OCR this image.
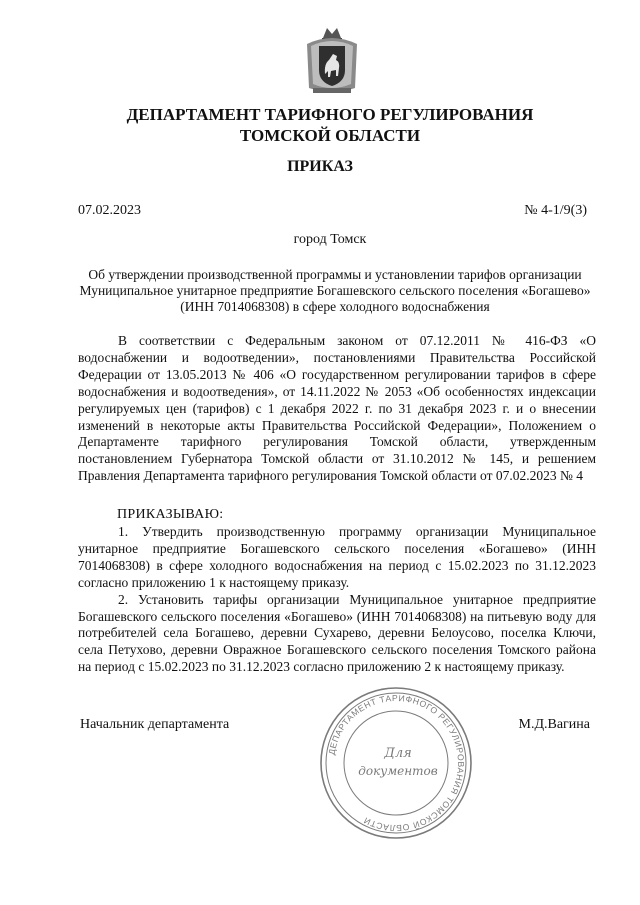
ДЕПАРТАМЕНТ ТАРИФНОГО РЕГУЛИРОВАНИЯ
ТОМСКОЙ ОБЛАСТИ
ПРИКАЗ
07.02.2023	№ 4-1/9(3)
город Томск
Об утверждении производственной программы и установлении тарифов организации Муниципальное унитарное предприятие Богашевского сельского поселения «Богашево» (ИНН 7014068308) в сфере холодного водоснабжения

В соответствии с Федеральным законом от 07.12.2011 № 416-ФЗ «О водоснабжении и водоотведении», постановлениями Правительства Российской Федерации от 13.05.2013 № 406 «О государственном регулировании тарифов в сфере водоснабжения и водоотведения», от 14.11.2022 № 2053 «Об особенностях индексации регулируемых цен (тарифов) с 1 декабря 2022 г. по 31 декабря 2023 г. и о внесении изменений в некоторые акты Правительства Российской Федерации», Положением о Департаменте тарифного регулирования Томской области, утвержденным постановлением Губернатора Томской области от 31.10.2012 № 145, и решением Правления Департамента тарифного регулирования Томской области от 07.02.2023 № 4

ПРИКАЗЫВАЮ:

1. Утвердить производственную программу организации Муниципальное унитарное предприятие Богашевского сельского поселения «Богашево» (ИНН 7014068308) в сфере холодного водоснабжения на период с 15.02.2023 по 31.12.2023 согласно приложению 1 к настоящему приказу.

2. Установить тарифы организации Муниципальное унитарное предприятие Богашевского сельского поселения «Богашево» (ИНН 7014068308) на питьевую воду для потребителей села Богашево, деревни Сухарево, деревни Белоусово, поселка Ключи, села Петухово, деревни Овражное Богашевского сельского поселения Томского района на период с 15.02.2023 по 31.12.2023 согласно приложению 2 к настоящему приказу.

Начальник департамента	М.Д.Вагина
ДЕПАРТАМЕНТ ТАРИФНОГО РЕГУЛИРОВАНИЯ ТОМСКОЙ ОБЛАСТИ
Для
документов
